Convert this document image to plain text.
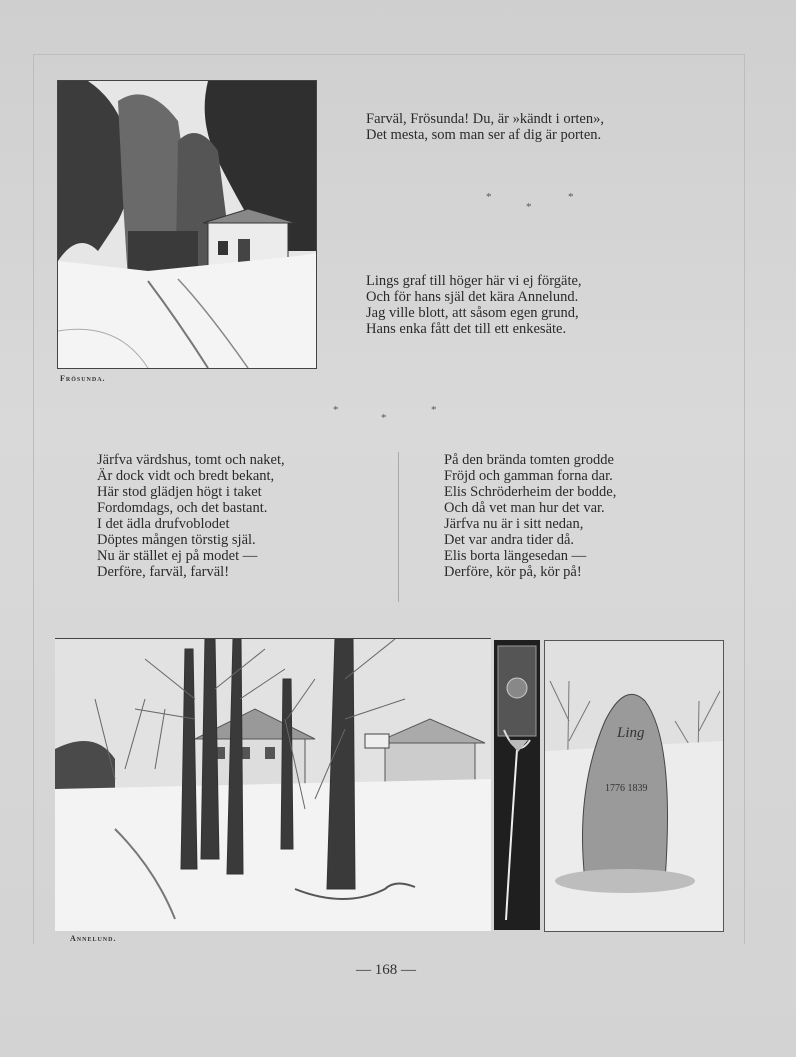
Frösunda.
Farväl, Frösunda! Du, är »kändt i orten»,
Det mesta, som man ser af dig är porten.
*
*
*
Lings graf till höger här vi ej förgäte,
Och för hans själ det kära Annelund.
Jag ville blott, att såsom egen grund,
Hans enka fått det till ett enkesäte.
*
*
*
Järfva värdshus, tomt och naket,
Är dock vidt och bredt bekant,
Här stod glädjen högt i taket
Fordomdags, och det bastant.
I det ädla drufvoblodet
Döptes mången törstig själ.
Nu är stället ej på modet —
Derföre, farväl, farväl!
På den brända tomten grodde
Fröjd och gamman forna dar.
Elis Schröderheim der bodde,
Och då vet man hur det var.
Järfva nu är i sitt nedan,
Det var andra tider då.
Elis borta längesedan —
Derföre, kör på, kör på!
Ling
1776 1839
Annelund.
— 168 —
